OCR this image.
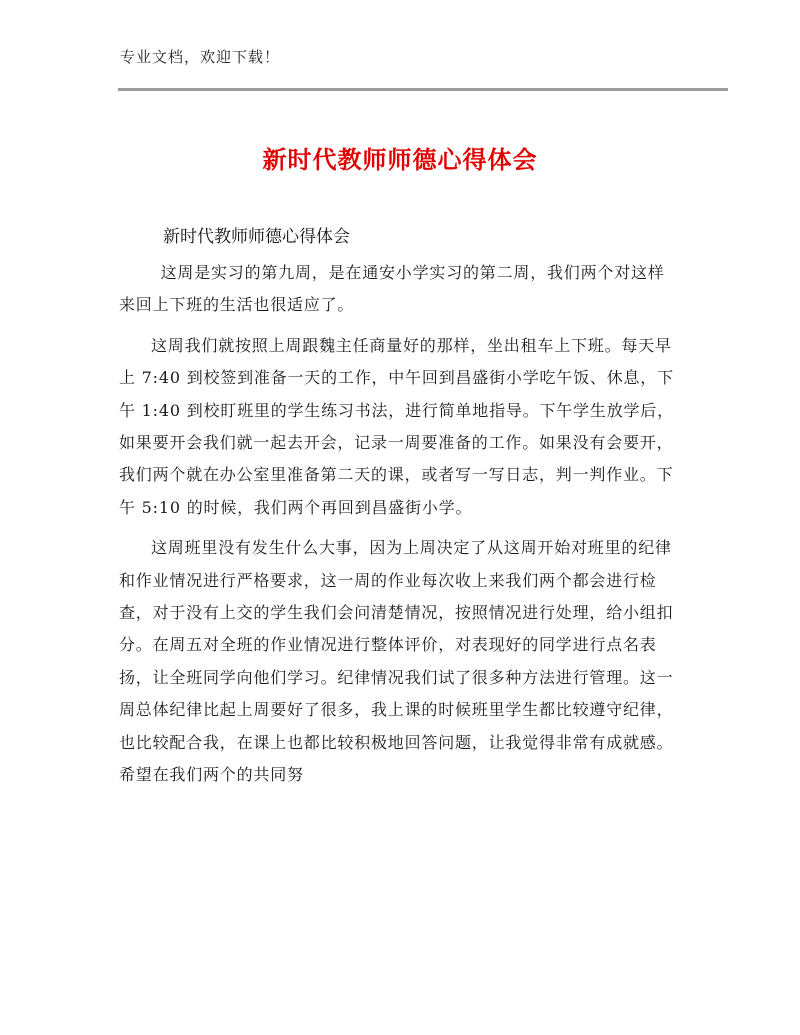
专业文档，欢迎下载！
新时代教师师德心得体会
新时代教师师德心得体会

这周是实习的第九周，是在通安小学实习的第二周，我们两个对这样来回上下班的生活也很适应了。

这周我们就按照上周跟魏主任商量好的那样，坐出租车上下班。每天早上 7:40 到校签到准备一天的工作，中午回到昌盛街小学吃午饭、休息，下午 1:40 到校盯班里的学生练习书法，进行简单地指导。下午学生放学后，如果要开会我们就一起去开会，记录一周要准备的工作。如果没有会要开，我们两个就在办公室里准备第二天的课，或者写一写日志，判一判作业。下午 5:10 的时候，我们两个再回到昌盛街小学。

这周班里没有发生什么大事，因为上周决定了从这周开始对班里的纪律和作业情况进行严格要求，这一周的作业每次收上来我们两个都会进行检查，对于没有上交的学生我们会问清楚情况，按照情况进行处理，给小组扣分。在周五对全班的作业情况进行整体评价，对表现好的同学进行点名表扬，让全班同学向他们学习。纪律情况我们试了很多种方法进行管理。这一周总体纪律比起上周要好了很多，我上课的时候班里学生都比较遵守纪律，也比较配合我，在课上也都比较积极地回答问题，让我觉得非常有成就感。希望在我们两个的共同努
